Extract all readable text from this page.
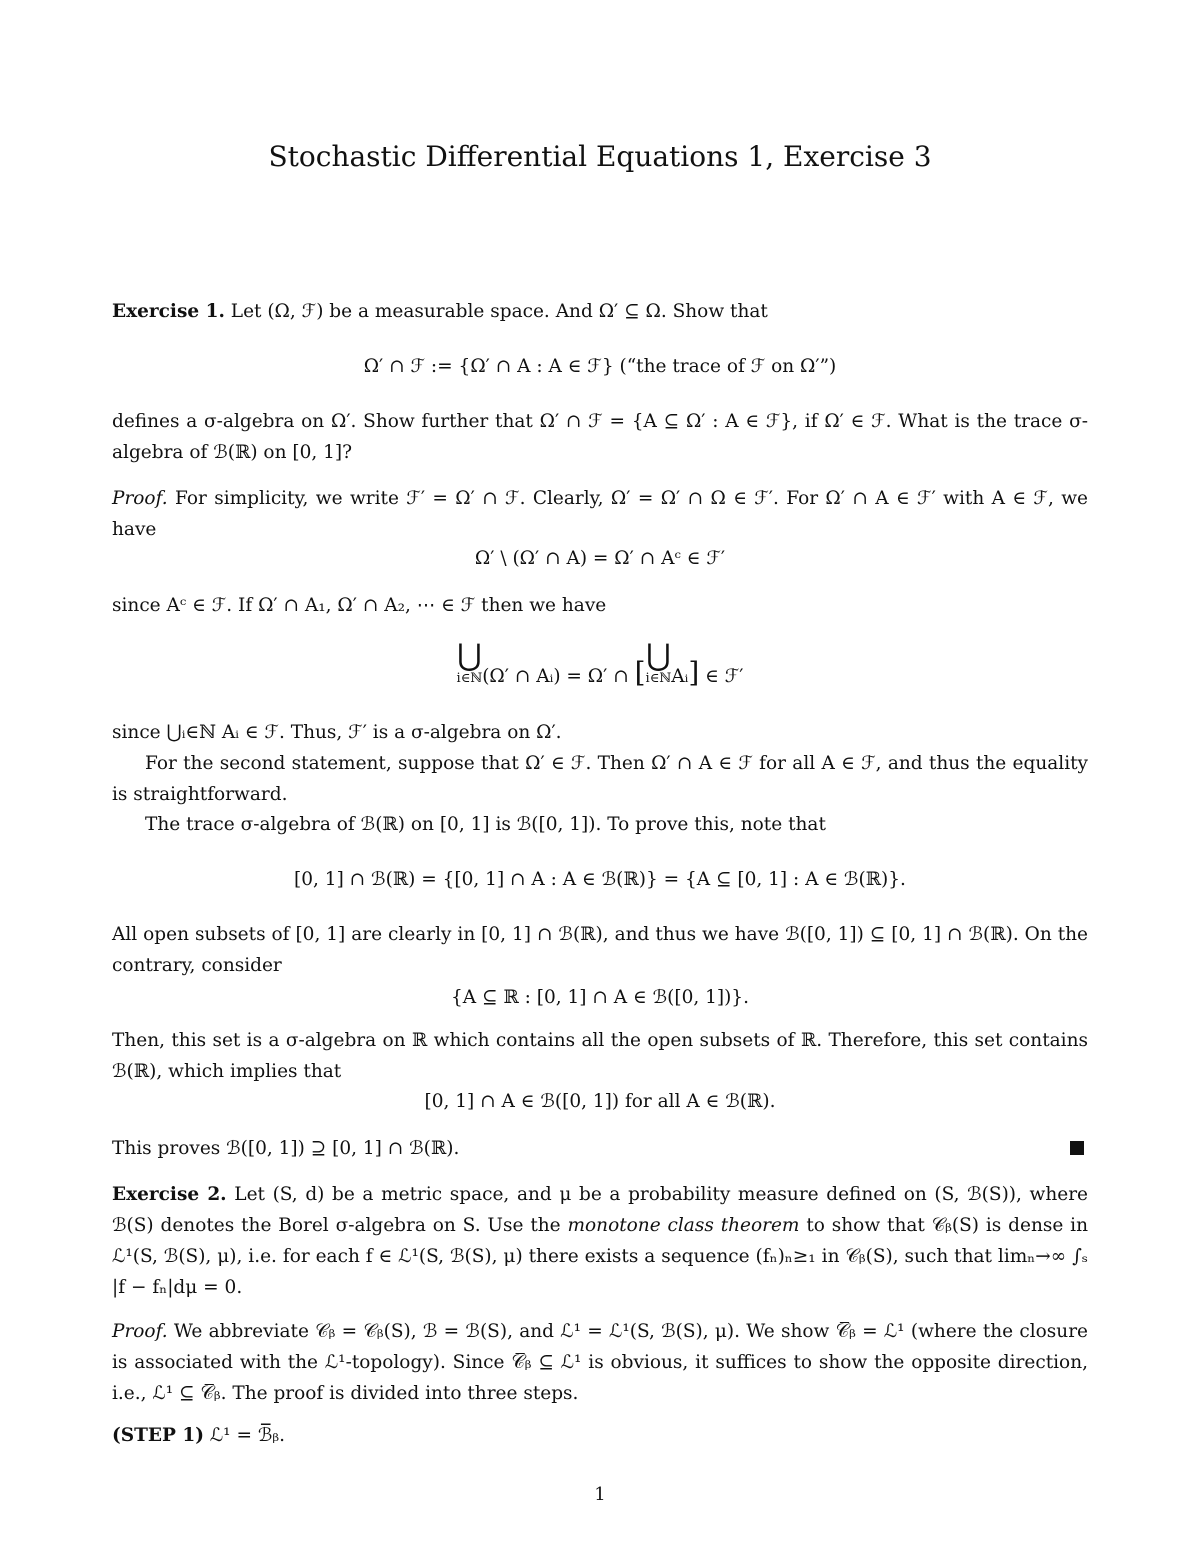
Stochastic Differential Equations 1, Exercise 3
Exercise 1. Let (Ω, ℱ) be a measurable space. And Ω′ ⊆ Ω. Show that
Ω′ ∩ ℱ := {Ω′ ∩ A : A ∈ ℱ} (“the trace of ℱ on Ω′”)
defines a σ-algebra on Ω′. Show further that Ω′ ∩ ℱ = {A ⊆ Ω′ : A ∈ ℱ}, if Ω′ ∈ ℱ. What is the trace σ-algebra of ℬ(ℝ) on [0, 1]?
Proof. For simplicity, we write ℱ′ = Ω′ ∩ ℱ. Clearly, Ω′ = Ω′ ∩ Ω ∈ ℱ′. For Ω′ ∩ A ∈ ℱ′ with A ∈ ℱ, we have
Ω′ \ (Ω′ ∩ A) = Ω′ ∩ Aᶜ ∈ ℱ′
since Aᶜ ∈ ℱ. If Ω′ ∩ A₁, Ω′ ∩ A₂, ⋯ ∈ ℱ then we have
⋃
i∈ℕ (Ω′ ∩ Aᵢ) = Ω′ ∩ [ ⋃
i∈ℕ Aᵢ] ∈ ℱ′
since ⋃ᵢ∈ℕ Aᵢ ∈ ℱ. Thus, ℱ′ is a σ-algebra on Ω′.
For the second statement, suppose that Ω′ ∈ ℱ. Then Ω′ ∩ A ∈ ℱ for all A ∈ ℱ, and thus the equality is straightforward.
The trace σ-algebra of ℬ(ℝ) on [0, 1] is ℬ([0, 1]). To prove this, note that
[0, 1] ∩ ℬ(ℝ) = {[0, 1] ∩ A : A ∈ ℬ(ℝ)} = {A ⊆ [0, 1] : A ∈ ℬ(ℝ)}.
All open subsets of [0, 1] are clearly in [0, 1] ∩ ℬ(ℝ), and thus we have ℬ([0, 1]) ⊆ [0, 1] ∩ ℬ(ℝ). On the contrary, consider
{A ⊆ ℝ : [0, 1] ∩ A ∈ ℬ([0, 1])}.
Then, this set is a σ-algebra on ℝ which contains all the open subsets of ℝ. Therefore, this set contains ℬ(ℝ), which implies that
[0, 1] ∩ A ∈ ℬ([0, 1]) for all A ∈ ℬ(ℝ).
This proves ℬ([0, 1]) ⊇ [0, 1] ∩ ℬ(ℝ).
Exercise 2. Let (S, d) be a metric space, and μ be a probability measure defined on (S, ℬ(S)), where ℬ(S) denotes the Borel σ-algebra on S. Use the monotone class theorem to show that 𝒞ᵦ(S) is dense in ℒ¹(S, ℬ(S), μ), i.e. for each f ∈ ℒ¹(S, ℬ(S), μ) there exists a sequence (fₙ)ₙ≥₁ in 𝒞ᵦ(S), such that limₙ→∞ ∫ₛ |f − fₙ|dμ = 0.
Proof. We abbreviate 𝒞ᵦ = 𝒞ᵦ(S), ℬ = ℬ(S), and ℒ¹ = ℒ¹(S, ℬ(S), μ). We show 𝒞̅ᵦ = ℒ¹ (where the closure is associated with the ℒ¹-topology). Since 𝒞̅ᵦ ⊆ ℒ¹ is obvious, it suffices to show the opposite direction, i.e., ℒ¹ ⊆ 𝒞̅ᵦ. The proof is divided into three steps.
(STEP 1) ℒ¹ = ℬ̅ᵦ.
1
